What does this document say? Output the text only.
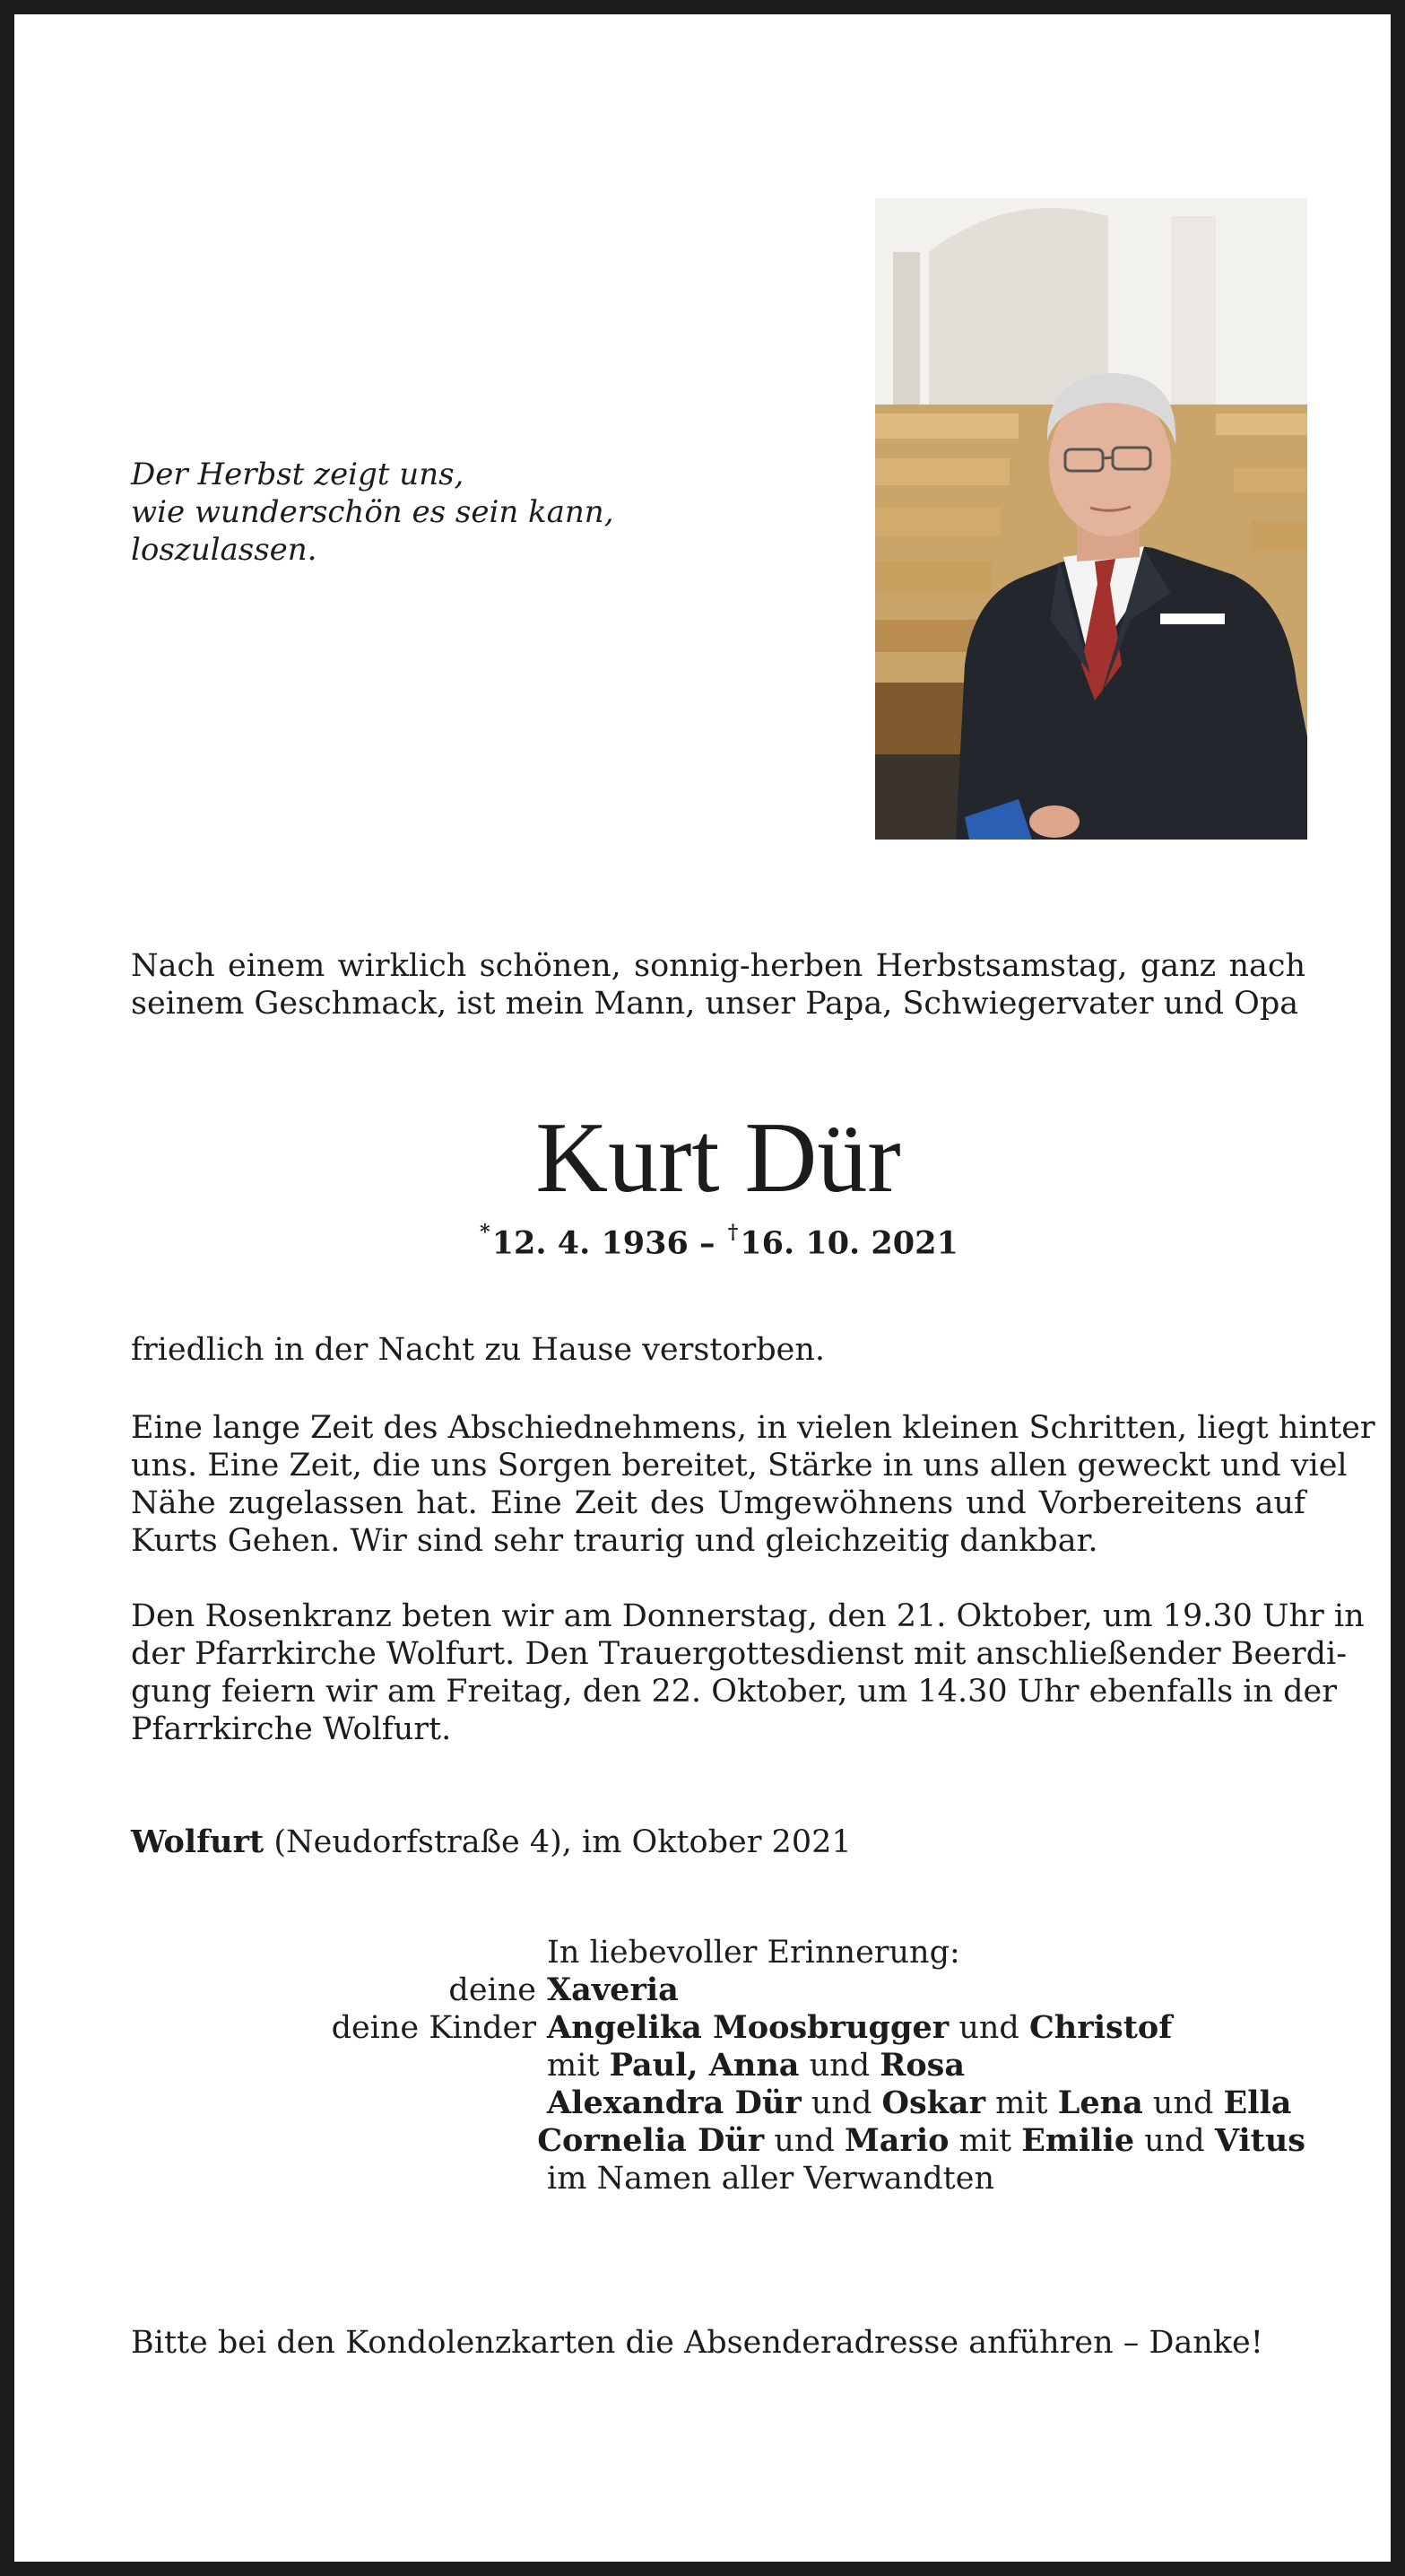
Der Herbst zeigt uns,
wie wunderschön es sein kann,
loszulassen.
Nach einem wirklich schönen, sonnig-herben Herbstsamstag, ganz nach
seinem Geschmack, ist mein Mann, unser Papa, Schwiegervater und Opa
Kurt Dür
*12. 4. 1936 – †16. 10. 2021
friedlich in der Nacht zu Hause verstorben.
Eine lange Zeit des Abschiednehmens, in vielen kleinen Schritten, liegt hinter
uns. Eine Zeit, die uns Sorgen bereitet, Stärke in uns allen geweckt und viel
Nähe zugelassen hat. Eine Zeit des Umgewöhnens und Vorbereitens auf
Kurts Gehen. Wir sind sehr traurig und gleichzeitig dankbar.
Den Rosenkranz beten wir am Donnerstag, den 21. Oktober, um 19.30 Uhr in
der Pfarrkirche Wolfurt. Den Trauergottesdienst mit anschließender Beerdi-
gung feiern wir am Freitag, den 22. Oktober, um 14.30 Uhr ebenfalls in der
Pfarrkirche Wolfurt.
Wolfurt (Neudorfstraße 4), im Oktober 2021
In liebevoller Erinnerung:
deine Xaveria
deine Kinder Angelika Moosbrugger und Christof
mit Paul, Anna und Rosa
Alexandra Dür und Oskar mit Lena und Ella
Cornelia Dür und Mario mit Emilie und Vitus
im Namen aller Verwandten
Bitte bei den Kondolenzkarten die Absenderadresse anführen – Danke!
